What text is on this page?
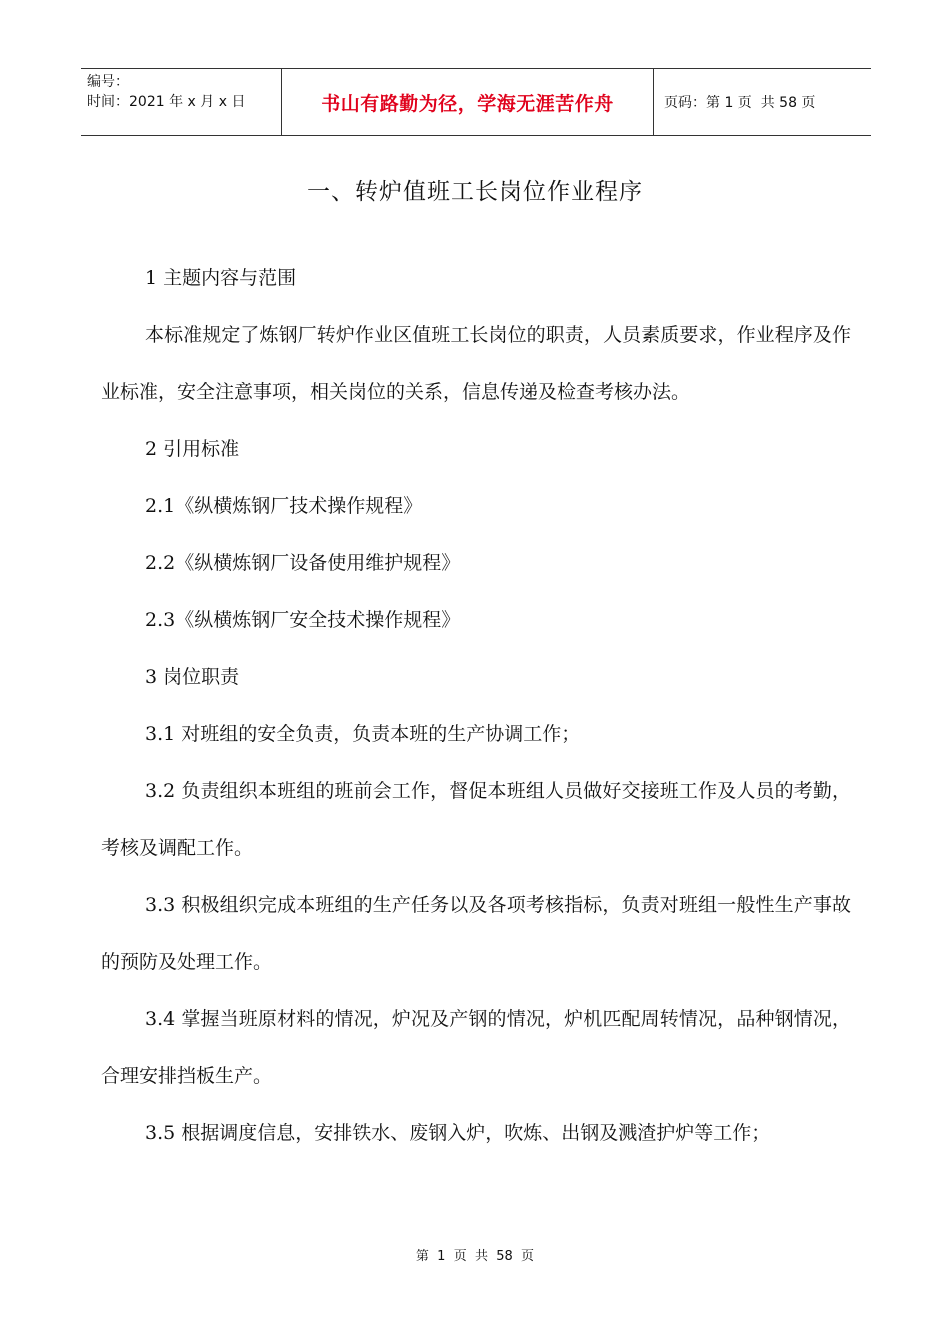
编号：
时间：2021 年 x 月 x 日	书山有路勤为径，学海无涯苦作舟	页码：第 1 页  共 58 页
一、转炉值班工长岗位作业程序

1 主题内容与范围

本标准规定了炼钢厂转炉作业区值班工长岗位的职责，人员素质要求，作业程序及作业标准，安全注意事项，相关岗位的关系，信息传递及检查考核办法。

2 引用标准

2.1《纵横炼钢厂技术操作规程》

2.2《纵横炼钢厂设备使用维护规程》

2.3《纵横炼钢厂安全技术操作规程》

3 岗位职责

3.1 对班组的安全负责，负责本班的生产协调工作；

3.2 负责组织本班组的班前会工作，督促本班组人员做好交接班工作及人员的考勤，考核及调配工作。

3.3 积极组织完成本班组的生产任务以及各项考核指标，负责对班组一般性生产事故的预防及处理工作。

3.4 掌握当班原材料的情况，炉况及产钢的情况，炉机匹配周转情况，品种钢情况，合理安排挡板生产。

3.5 根据调度信息，安排铁水、废钢入炉，吹炼、出钢及溅渣护炉等工作；

第  1  页  共  58  页
